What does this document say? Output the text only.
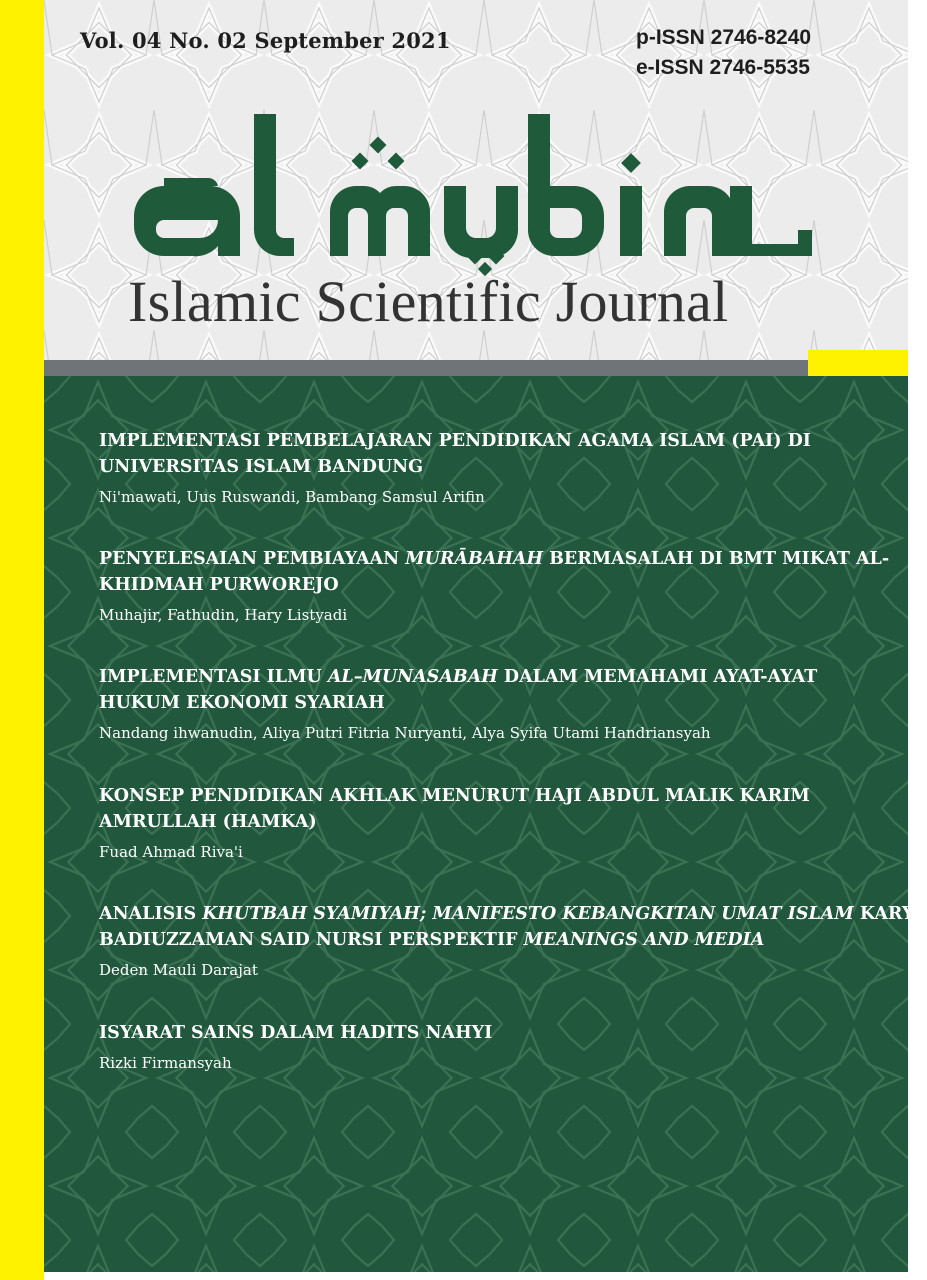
Vol. 04 No. 02 September 2021	p-ISSN 2746-8240
e-ISSN 2746-5535
Islamic Scientific Journal
IMPLEMENTASI PEMBELAJARAN PENDIDIKAN AGAMA ISLAM (PAI) DI
UNIVERSITAS ISLAM BANDUNG
Ni'mawati, Uus Ruswandi, Bambang Samsul Arifin
PENYELESAIAN PEMBIAYAAN MURĀBAHAH BERMASALAH DI BMT MIKAT AL-
KHIDMAH PURWOREJO
Muhajir, Fathudin, Hary Listyadi
IMPLEMENTASI ILMU AL–MUNASABAH DALAM MEMAHAMI AYAT-AYAT
HUKUM EKONOMI SYARIAH
Nandang ihwanudin, Aliya Putri Fitria Nuryanti, Alya Syifa Utami Handriansyah
KONSEP PENDIDIKAN AKHLAK MENURUT HAJI ABDUL MALIK KARIM
AMRULLAH (HAMKA)
Fuad Ahmad Riva'i
ANALISIS KHUTBAH SYAMIYAH; MANIFESTO KEBANGKITAN UMAT ISLAM KARYA
BADIUZZAMAN SAID NURSI PERSPEKTIF MEANINGS AND MEDIA
Deden Mauli Darajat
ISYARAT SAINS DALAM HADITS NAHYI
Rizki Firmansyah
